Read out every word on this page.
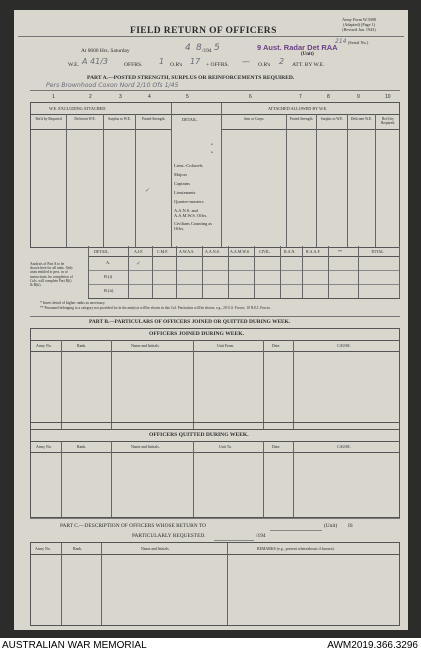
Army Form W.3008
(Adapted) (Page 1)
(Revised Jan. 1943)
FIELD RETURN OF OFFICERS
9 Aust. Radar Det RAA
214 (Serial No.)
(Unit)
At 0600 Hrs. Saturday	4 8 /194 5
W.E. A 41/3	OFFRS. 1 O.R's 17 + OFFRS. — O.R's 2 ATT. BY W.E.
PART A.—POSTED STRENGTH, SURPLUS OR REINFORCEMENTS REQUIRED.
Pers Brownhood Coxon Nord 2/10 Ofs 1/45
1	2	3	4	5	6	7	8	9	10
W.E. EXCLUDING ATTACHED.	ATTACHED ALLOWED BY W.E.
Ret'd by Required.	Deficient W.E.	Surplus to W.E.	Posted Strength.	DETAIL.	Arm or Corps.	Posted Strength.	Surplus to W.E.	Deficient W.E.	Ret'd by Required.
Lieut.-Colonels
Majors
Captains
Lieutenants
Quarter-masters
A.A.N.S. and A.A.M.W.S. Offrs.
Civilians Counting as Offrs.
✓
•
•
Analysis of Part A to be shown here for all units. Only units entitled to pers. in of instructions for completion of Cols. will complete Part B(i) & B(ii).
DETAIL.	A.I.F.	C.M.F.	A.W.A.S.	A.A.N.S.	A.A.M.W.S. CIVIL.	R.A.N.	R.A.A.F.	**	TOTAL
A.
B.(i)
B.(ii)
✓
* Insert detail of higher ranks as necessary.
** Personnel belonging to a category not provided for in the analysis will be shown in this Col. Particulars will be shown, e.g., 20 U.S. Forces, 10 N.E.I. Forces.
PART B.—PARTICULARS OF OFFICERS JOINED OR QUITTED DURING WEEK.
OFFICERS JOINED DURING WEEK.
Army No.	Rank.	Name and Initials.	Unit From.	Date.	CAUSE.
OFFICERS QUITTED DURING WEEK.
Army No.	Rank.	Name and Initials.	Unit To.	Date.	CAUSE.
PART C.—DESCRIPTION OF OFFICERS WHOSE RETURN TO	(Unit) IS
PARTICULARLY REQUESTED.	/194
Army No.	Rank.	Name and Initials.	REMARKS (e.g., present whereabouts if known).
AUSTRALIAN WAR MEMORIAL	AWM2019.366.3296
